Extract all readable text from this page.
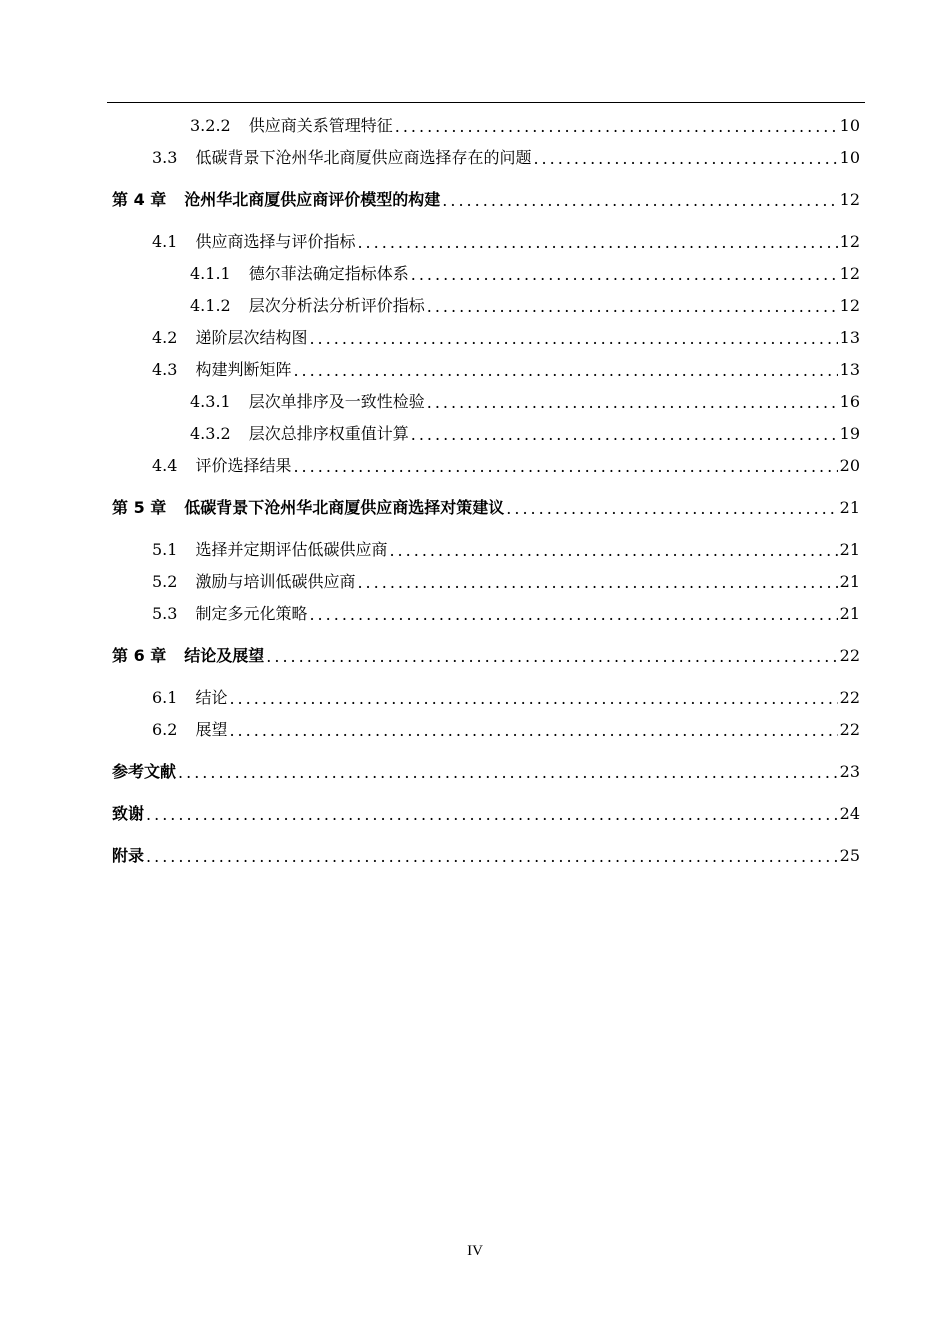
3.2.2 供应商关系管理特征 .....	10
3.3 低碳背景下沧州华北商厦供应商选择存在的问题 .....	10
第 4 章 沧州华北商厦供应商评价模型的构建 .....	12
4.1 供应商选择与评价指标 .....	12
4.1.1 德尔菲法确定指标体系 .....	12
4.1.2 层次分析法分析评价指标 .....	12
4.2 递阶层次结构图 .....	13
4.3 构建判断矩阵 .....	13
4.3.1 层次单排序及一致性检验 .....	16
4.3.2 层次总排序权重值计算 .....	19
4.4 评价选择结果 .....	20
第 5 章 低碳背景下沧州华北商厦供应商选择对策建议 .....	21
5.1 选择并定期评估低碳供应商 .....	21
5.2 激励与培训低碳供应商 .....	21
5.3 制定多元化策略 .....	21
第 6 章 结论及展望 .....	22
6.1 结论 .....	22
6.2 展望 .....	22
参考文献 .....	23
致谢 .....	24
附录 .....	25
IV
